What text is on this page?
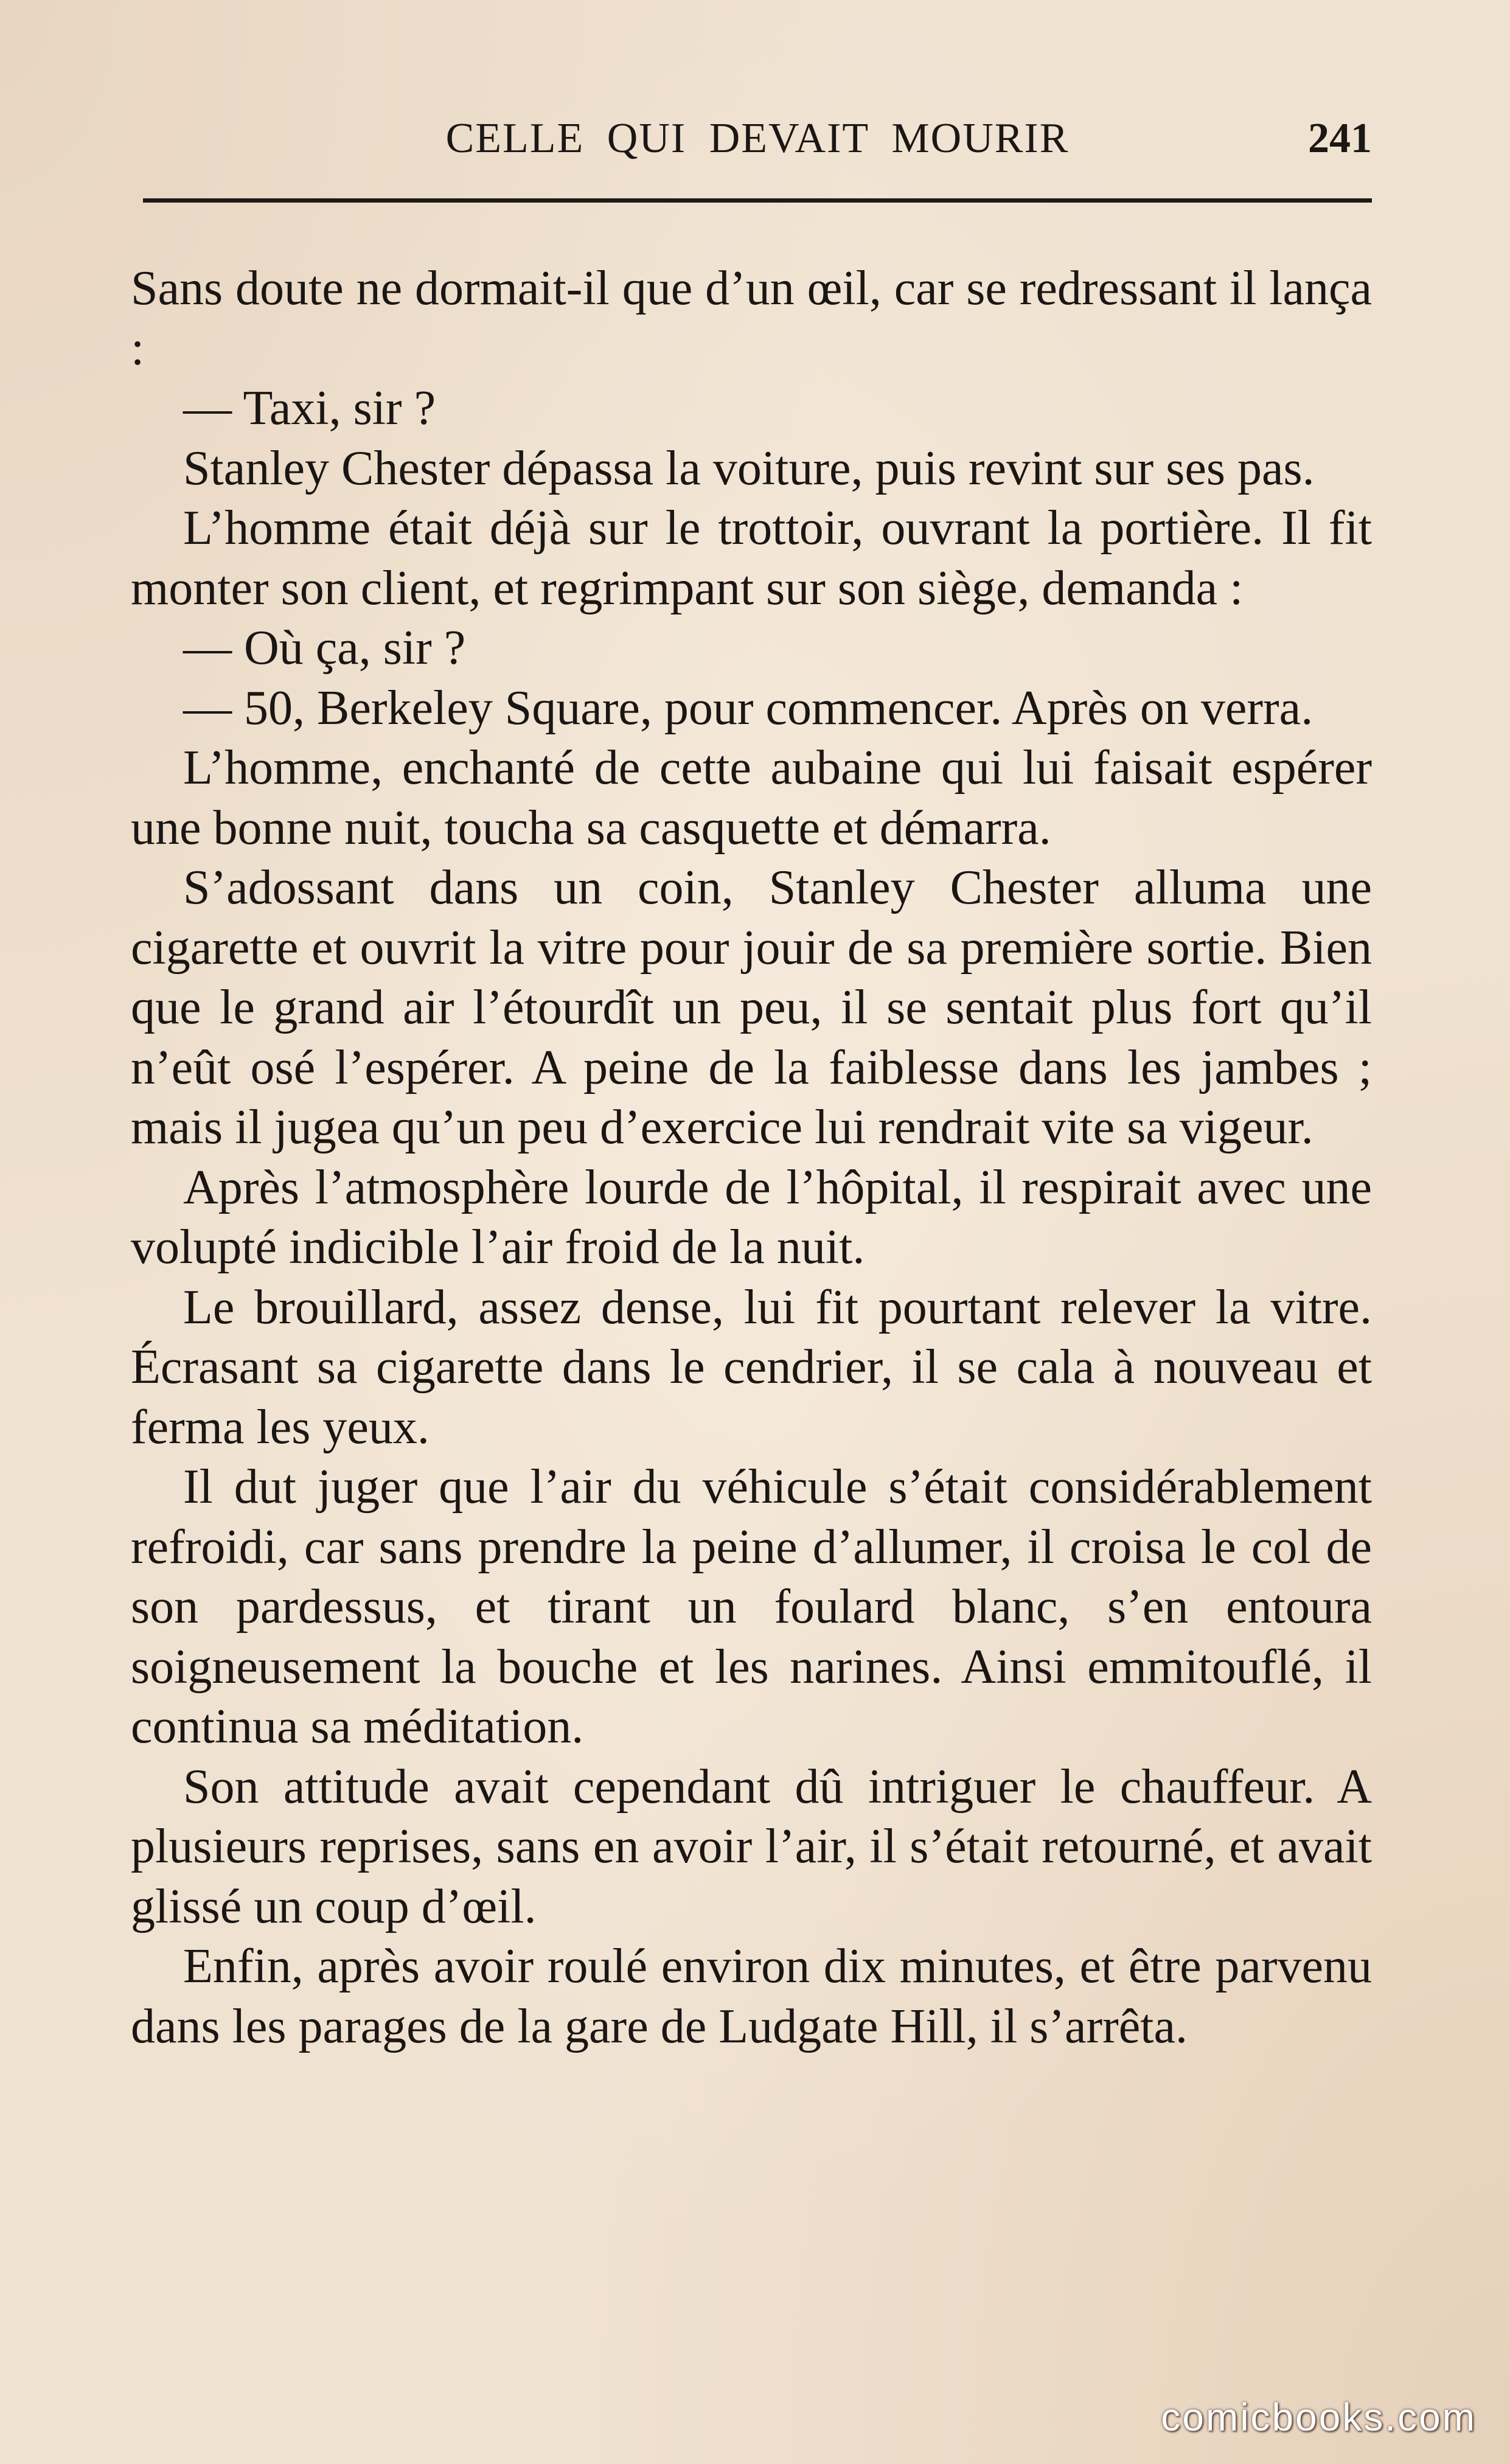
CELLE QUI DEVAIT MOURIR	241

Sans doute ne dormait-il que d’un œil, car se redressant il lança :

— Taxi, sir ?

Stanley Chester dépassa la voiture, puis revint sur ses pas.

L’homme était déjà sur le trottoir, ouvrant la portière. Il fit monter son client, et regrimpant sur son siège, demanda :

— Où ça, sir ?

— 50, Berkeley Square, pour commencer. Après on verra.

L’homme, enchanté de cette aubaine qui lui faisait espérer une bonne nuit, toucha sa casquette et démarra.

S’adossant dans un coin, Stanley Chester alluma une cigarette et ouvrit la vitre pour jouir de sa première sortie. Bien que le grand air l’étourdît un peu, il se sentait plus fort qu’il n’eût osé l’espérer. A peine de la faiblesse dans les jambes ; mais il jugea qu’un peu d’exercice lui rendrait vite sa vigeur.

Après l’atmosphère lourde de l’hôpital, il respirait avec une volupté indicible l’air froid de la nuit.

Le brouillard, assez dense, lui fit pourtant relever la vitre. Écrasant sa cigarette dans le cendrier, il se cala à nouveau et ferma les yeux.

Il dut juger que l’air du véhicule s’était considérablement refroidi, car sans prendre la peine d’allumer, il croisa le col de son pardessus, et tirant un foulard blanc, s’en entoura soigneusement la bouche et les narines. Ainsi emmitouflé, il continua sa méditation.

Son attitude avait cependant dû intriguer le chauffeur. A plusieurs reprises, sans en avoir l’air, il s’était retourné, et avait glissé un coup d’œil.

Enfin, après avoir roulé environ dix minutes, et être parvenu dans les parages de la gare de Ludgate Hill, il s’arrêta.

comicbooks.com
